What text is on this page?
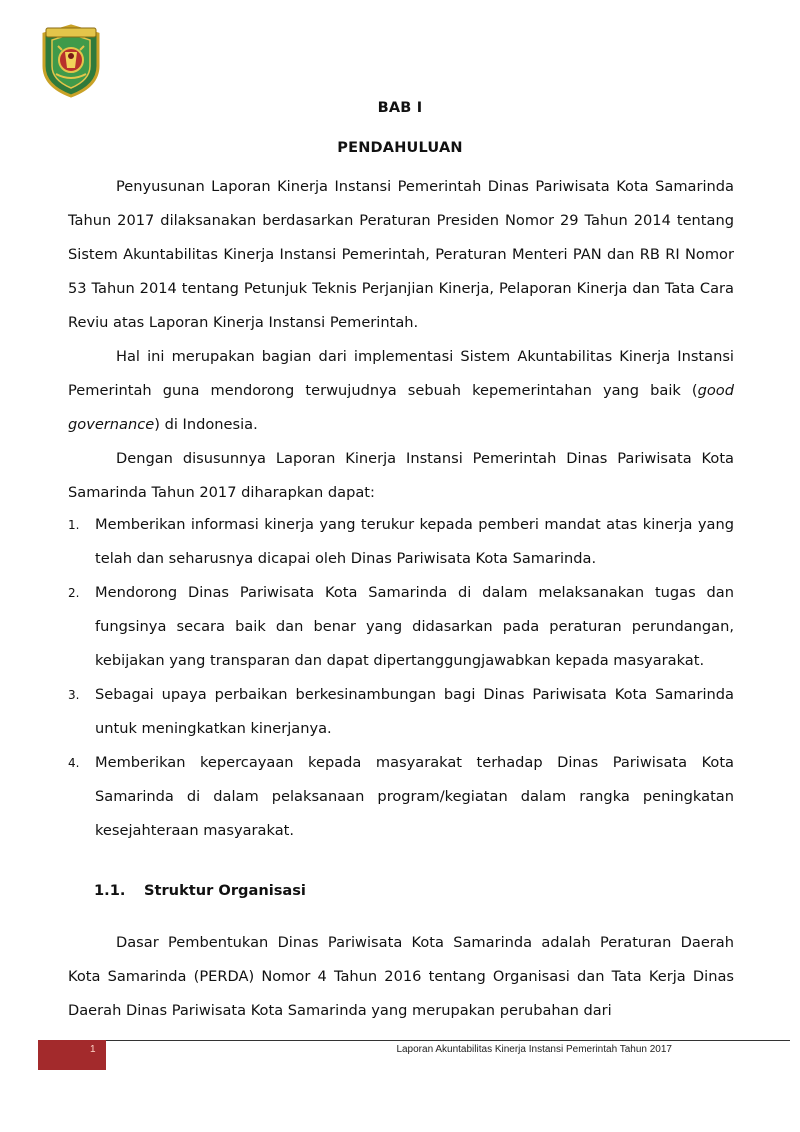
BAB I
PENDAHULUAN
Penyusunan Laporan Kinerja Instansi Pemerintah Dinas Pariwisata Kota Samarinda Tahun 2017 dilaksanakan berdasarkan Peraturan Presiden Nomor 29 Tahun 2014 tentang Sistem Akuntabilitas Kinerja Instansi Pemerintah, Peraturan Menteri PAN dan RB RI Nomor 53 Tahun 2014 tentang Petunjuk Teknis Perjanjian Kinerja, Pelaporan Kinerja dan Tata Cara Reviu atas Laporan Kinerja Instansi Pemerintah.
Hal ini merupakan bagian dari implementasi Sistem Akuntabilitas Kinerja Instansi Pemerintah guna mendorong terwujudnya sebuah kepemerintahan yang baik (good governance) di Indonesia.
Dengan disusunnya Laporan Kinerja Instansi Pemerintah Dinas Pariwisata Kota Samarinda Tahun 2017 diharapkan dapat:
1.	Memberikan informasi kinerja yang terukur kepada pemberi mandat atas kinerja yang telah dan seharusnya dicapai oleh Dinas Pariwisata Kota Samarinda.
2.	Mendorong Dinas Pariwisata Kota Samarinda di dalam melaksanakan tugas dan fungsinya secara baik dan benar yang didasarkan pada peraturan perundangan, kebijakan yang transparan dan dapat dipertanggungjawabkan kepada masyarakat.
3.	Sebagai upaya perbaikan berkesinambungan bagi Dinas Pariwisata Kota Samarinda untuk meningkatkan kinerjanya.
4.	Memberikan kepercayaan kepada masyarakat terhadap Dinas Pariwisata Kota Samarinda di dalam pelaksanaan program/kegiatan dalam rangka peningkatan kesejahteraan masyarakat.
1.1. Struktur Organisasi
Dasar Pembentukan Dinas Pariwisata Kota Samarinda adalah Peraturan Daerah Kota Samarinda (PERDA) Nomor 4 Tahun 2016 tentang Organisasi dan Tata Kerja Dinas Daerah Dinas Pariwisata Kota Samarinda yang merupakan perubahan dari
1	Laporan Akuntabilitas Kinerja Instansi Pemerintah Tahun 2017
